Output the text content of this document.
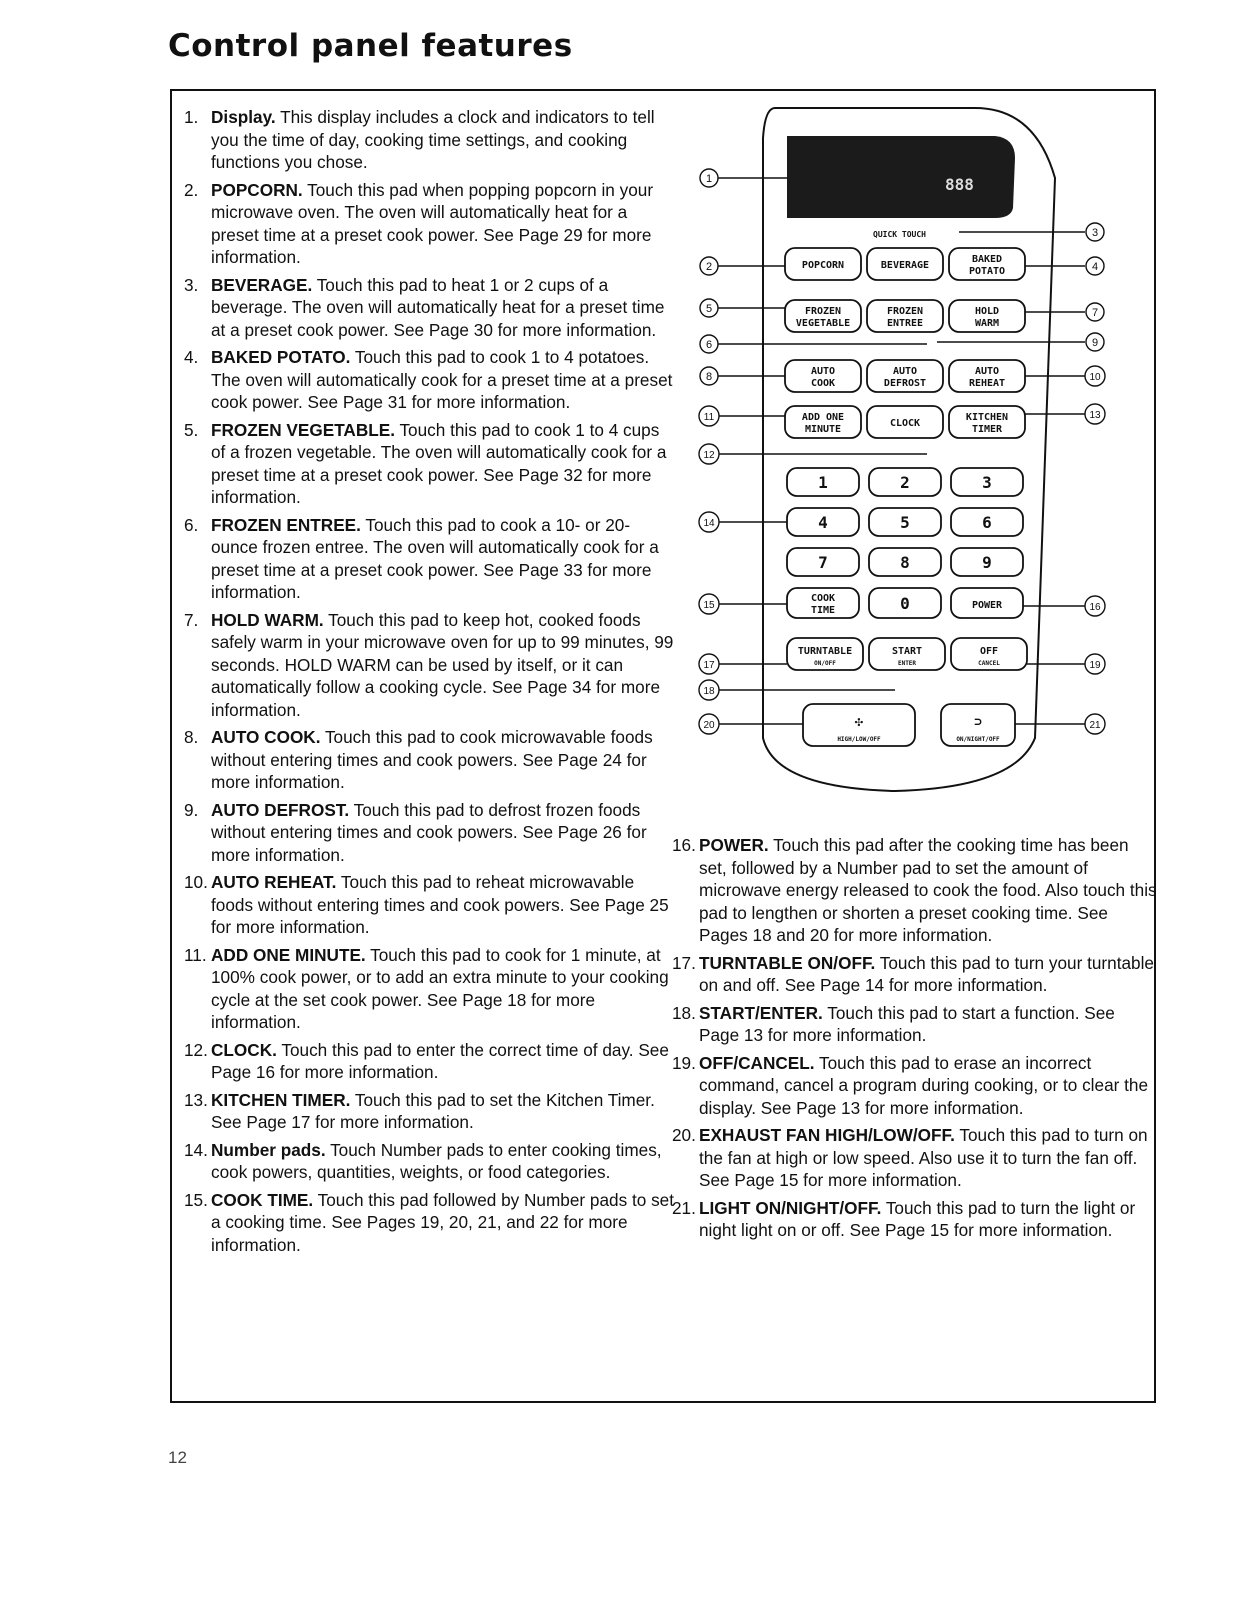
Control panel features
1. Display. This display includes a clock and indicators to tell you the time of day, cooking time settings, and cooking functions you chose.
2. POPCORN. Touch this pad when popping popcorn in your microwave oven. The oven will automatically heat for a preset time at a preset cook power. See Page 29 for more information.
3. BEVERAGE. Touch this pad to heat 1 or 2 cups of a beverage. The oven will automatically heat for a preset time at a preset cook power. See Page 30 for more information.
4. BAKED POTATO. Touch this pad to cook 1 to 4 potatoes. The oven will automatically cook for a preset time at a preset cook power. See Page 31 for more information.
5. FROZEN VEGETABLE. Touch this pad to cook 1 to 4 cups of a frozen vegetable. The oven will automatically cook for a preset time at a preset cook power. See Page 32 for more information.
6. FROZEN ENTREE. Touch this pad to cook a 10- or 20-ounce frozen entree. The oven will automatically cook for a preset time at a preset cook power. See Page 33 for more information.
7. HOLD WARM. Touch this pad to keep hot, cooked foods safely warm in your microwave oven for up to 99 minutes, 99 seconds. HOLD WARM can be used by itself, or it can automatically follow a cooking cycle. See Page 34 for more information.
8. AUTO COOK. Touch this pad to cook microwavable foods without entering times and cook powers. See Page 24 for more information.
9. AUTO DEFROST. Touch this pad to defrost frozen foods without entering times and cook powers. See Page 26 for more information.
10. AUTO REHEAT. Touch this pad to reheat microwavable foods without entering times and cook powers. See Page 25 for more information.
11. ADD ONE MINUTE. Touch this pad to cook for 1 minute, at 100% cook power, or to add an extra minute to your cooking cycle at the set cook power. See Page 18 for more information.
12. CLOCK. Touch this pad to enter the correct time of day. See Page 16 for more information.
13. KITCHEN TIMER. Touch this pad to set the Kitchen Timer. See Page 17 for more information.
14. Number pads. Touch Number pads to enter cooking times, cook powers, quantities, weights, or food categories.
15. COOK TIME. Touch this pad followed by Number pads to set a cooking time. See Pages 19, 20, 21, and 22 for more information.
16. POWER. Touch this pad after the cooking time has been set, followed by a Number pad to set the amount of microwave energy released to cook the food. Also touch this pad to lengthen or shorten a preset cooking time. See Pages 18 and 20 for more information.
17. TURNTABLE ON/OFF. Touch this pad to turn your turntable on and off. See Page 14 for more information.
18. START/ENTER. Touch this pad to start a function. See Page 13 for more information.
19. OFF/CANCEL. Touch this pad to erase an incorrect command, cancel a program during cooking, or to clear the display. See Page 13 for more information.
20. EXHAUST FAN HIGH/LOW/OFF. Touch this pad to turn on the fan at high or low speed. Also use it to turn the fan off. See Page 15 for more information.
21. LIGHT ON/NIGHT/OFF. Touch this pad to turn the light or night light on or off. See Page 15 for more information.
888
QUICK TOUCH
POPCORN	BEVERAGE
BAKED
POTATO
FROZEN
VEGETABLE
FROZEN
ENTREE
HOLD
WARM
AUTO
COOK
AUTO
DEFROST
AUTO
REHEAT
ADD ONE
MINUTE
CLOCK
KITCHEN
TIMER
1	2	3
4	5	6
7	8	9
COOK
TIME	0	POWER
TURNTABLE
ON/OFF
START
ENTER
OFF
CANCEL
✣
HIGH/LOW/OFF
⊃
ON/NIGHT/OFF
1
2
5
6
8
11
12
14
15
17
18
20
3
4
7
9
10
13
16
19
21
12
